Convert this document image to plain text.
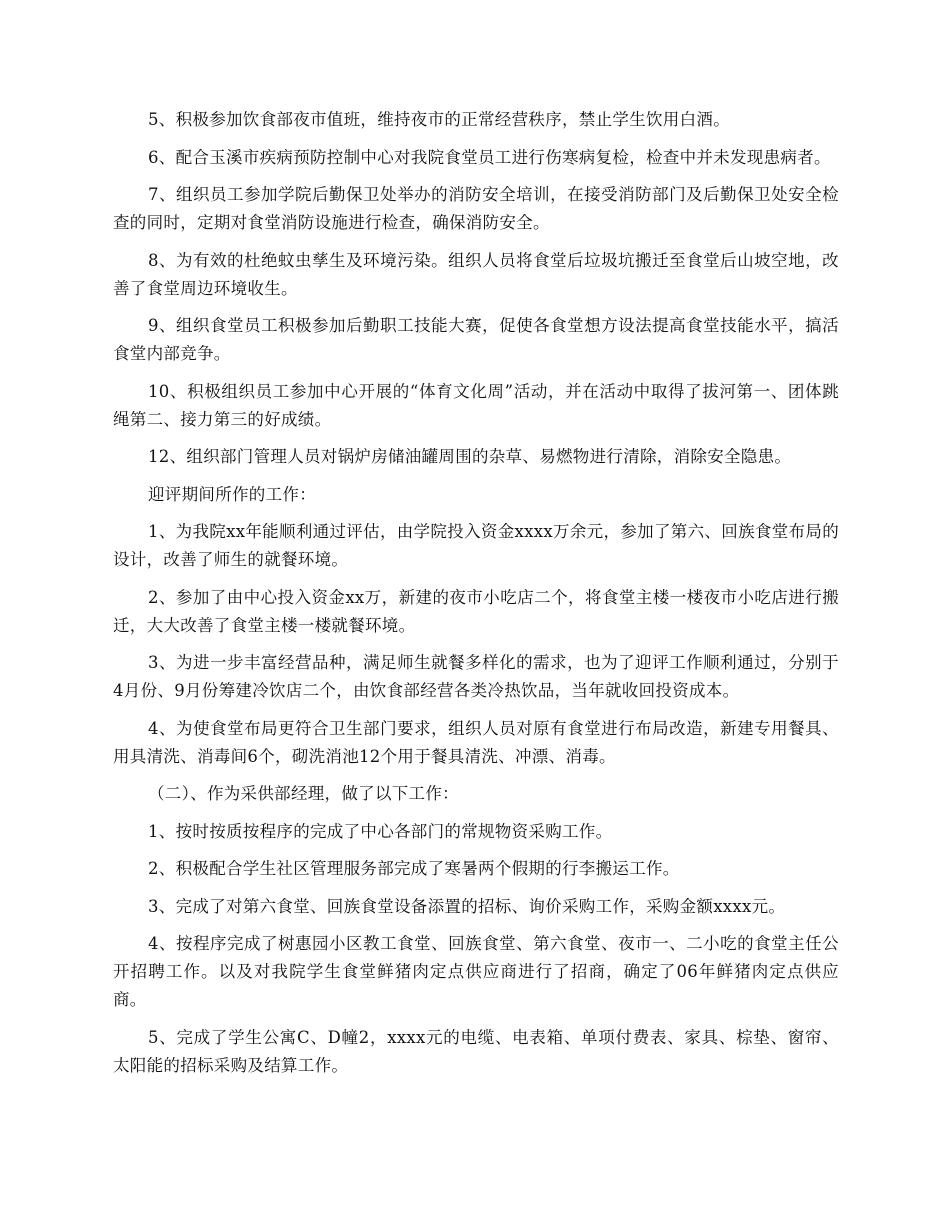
5、积极参加饮食部夜市值班，维持夜市的正常经营秩序，禁止学生饮用白酒。

6、配合玉溪市疾病预防控制中心对我院食堂员工进行伤寒病复检，检查中并未发现患病者。

7、组织员工参加学院后勤保卫处举办的消防安全培训，在接受消防部门及后勤保卫处安全检查的同时，定期对食堂消防设施进行检查，确保消防安全。

8、为有效的杜绝蚊虫孳生及环境污染。组织人员将食堂后垃圾坑搬迁至食堂后山坡空地，改善了食堂周边环境收生。

9、组织食堂员工积极参加后勤职工技能大赛，促使各食堂想方设法提高食堂技能水平，搞活食堂内部竞争。

10、积极组织员工参加中心开展的“体育文化周”活动，并在活动中取得了拔河第一、团体跳绳第二、接力第三的好成绩。

12、组织部门管理人员对锅炉房储油罐周围的杂草、易燃物进行清除，消除安全隐患。

迎评期间所作的工作：

1、为我院xx年能顺利通过评估，由学院投入资金xxxx万余元，参加了第六、回族食堂布局的设计，改善了师生的就餐环境。

2、参加了由中心投入资金xx万，新建的夜市小吃店二个，将食堂主楼一楼夜市小吃店进行搬迁，大大改善了食堂主楼一楼就餐环境。

3、为进一步丰富经营品种，满足师生就餐多样化的需求，也为了迎评工作顺利通过，分别于4月份、9月份筹建冷饮店二个，由饮食部经营各类冷热饮品，当年就收回投资成本。

4、为使食堂布局更符合卫生部门要求，组织人员对原有食堂进行布局改造，新建专用餐具、用具清洗、消毒间6个，砌洗消池12个用于餐具清洗、冲漂、消毒。

（二）、作为采供部经理，做了以下工作：

1、按时按质按程序的完成了中心各部门的常规物资采购工作。

2、积极配合学生社区管理服务部完成了寒暑两个假期的行李搬运工作。

3、完成了对第六食堂、回族食堂设备添置的招标、询价采购工作，采购金额xxxx元。

4、按程序完成了树惠园小区教工食堂、回族食堂、第六食堂、夜市一、二小吃的食堂主任公开招聘工作。以及对我院学生食堂鲜猪肉定点供应商进行了招商，确定了06年鲜猪肉定点供应商。

5、完成了学生公寓C、D幢2，xxxx元的电缆、电表箱、单项付费表、家具、棕垫、窗帘、太阳能的招标采购及结算工作。
